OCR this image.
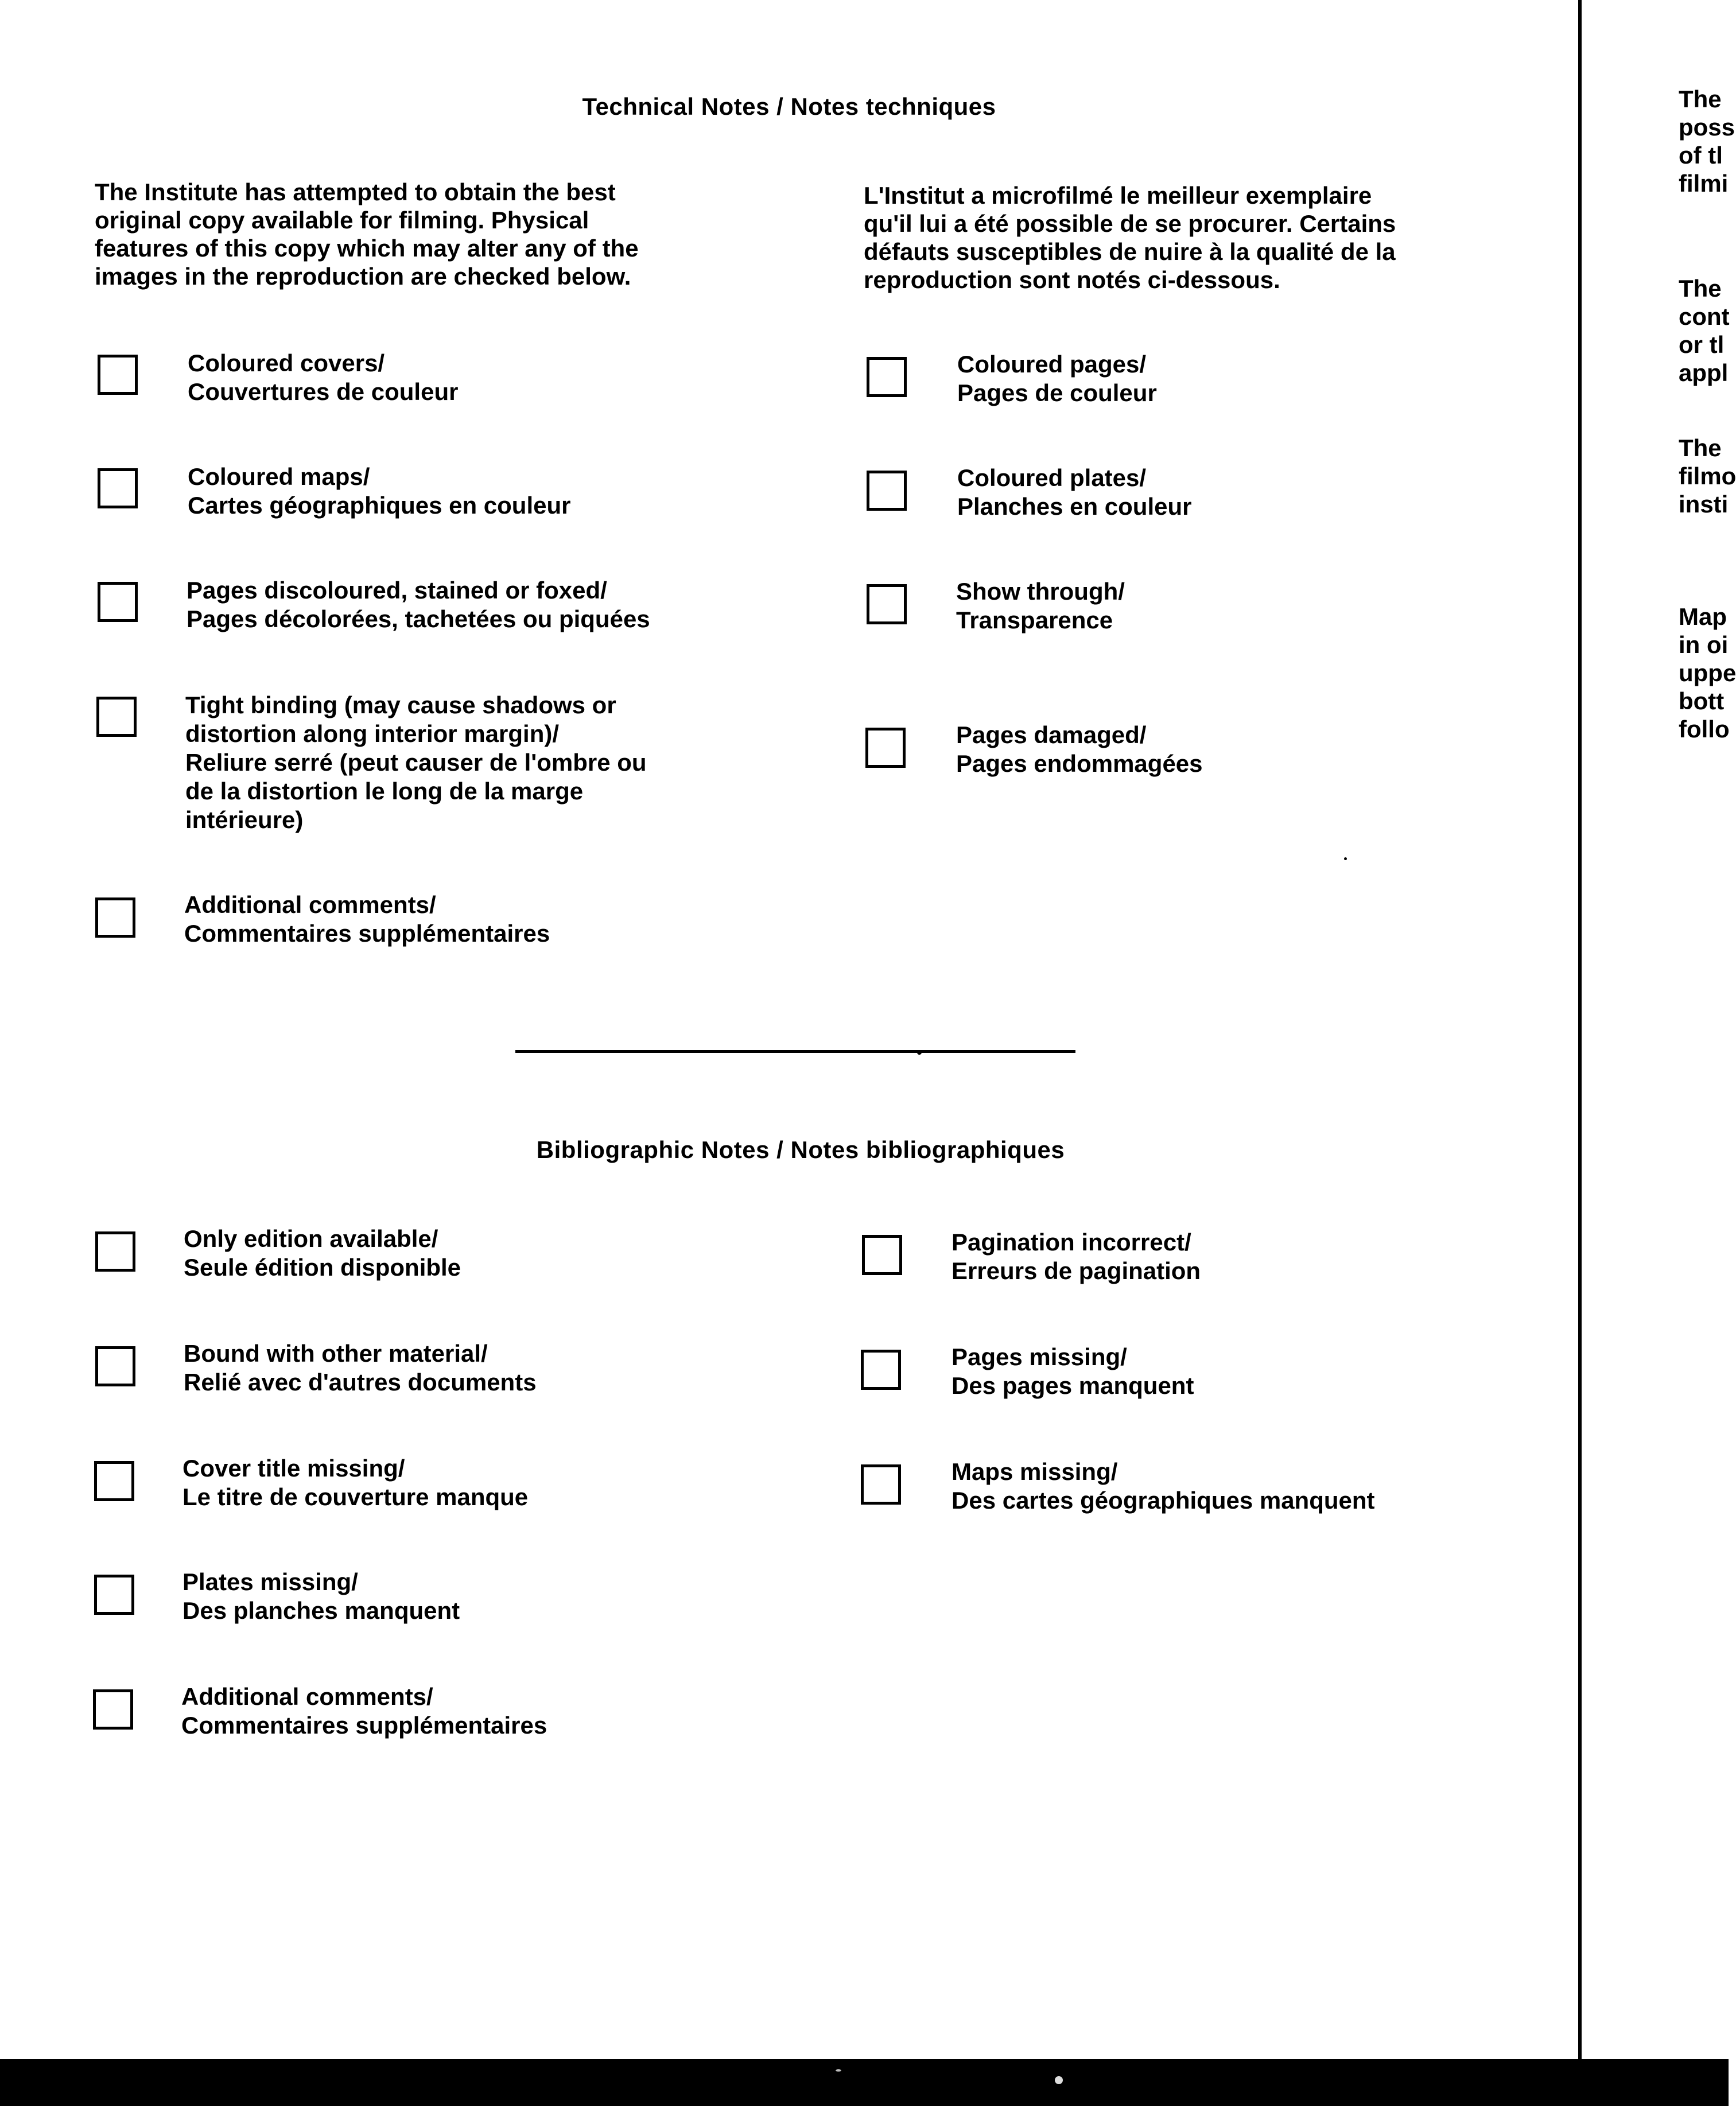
Technical Notes / Notes techniques
The Institute has attempted to obtain the best
original copy available for filming. Physical
features of this copy which may alter any of the
images in the reproduction are checked below.
L'Institut a microfilmé le meilleur exemplaire
qu'il lui a été possible de se procurer. Certains
défauts susceptibles de nuire à la qualité de la
reproduction sont notés ci-dessous.
Coloured covers/
Couvertures de couleur
Coloured maps/
Cartes géographiques en couleur
Pages discoloured, stained or foxed/
Pages décolorées, tachetées ou piquées
Tight binding (may cause shadows or
distortion along interior margin)/
Reliure serré (peut causer de l'ombre ou
de la distortion le long de la marge
intérieure)
Additional comments/
Commentaires supplémentaires
Coloured pages/
Pages de couleur
Coloured plates/
Planches en couleur
Show through/
Transparence
Pages damaged/
Pages endommagées
Bibliographic Notes / Notes bibliographiques
Only edition available/
Seule édition disponible
Bound with other material/
Relié avec d'autres documents
Cover title missing/
Le titre de couverture manque
Plates missing/
Des planches manquent
Additional comments/
Commentaires supplémentaires
Pagination incorrect/
Erreurs de pagination
Pages missing/
Des pages manquent
Maps missing/
Des cartes géographiques manquent
The
poss
of tl
filmi
The
cont
or tl
appl
The
filmo
insti
Map
in oi
uppe
bott
follo
